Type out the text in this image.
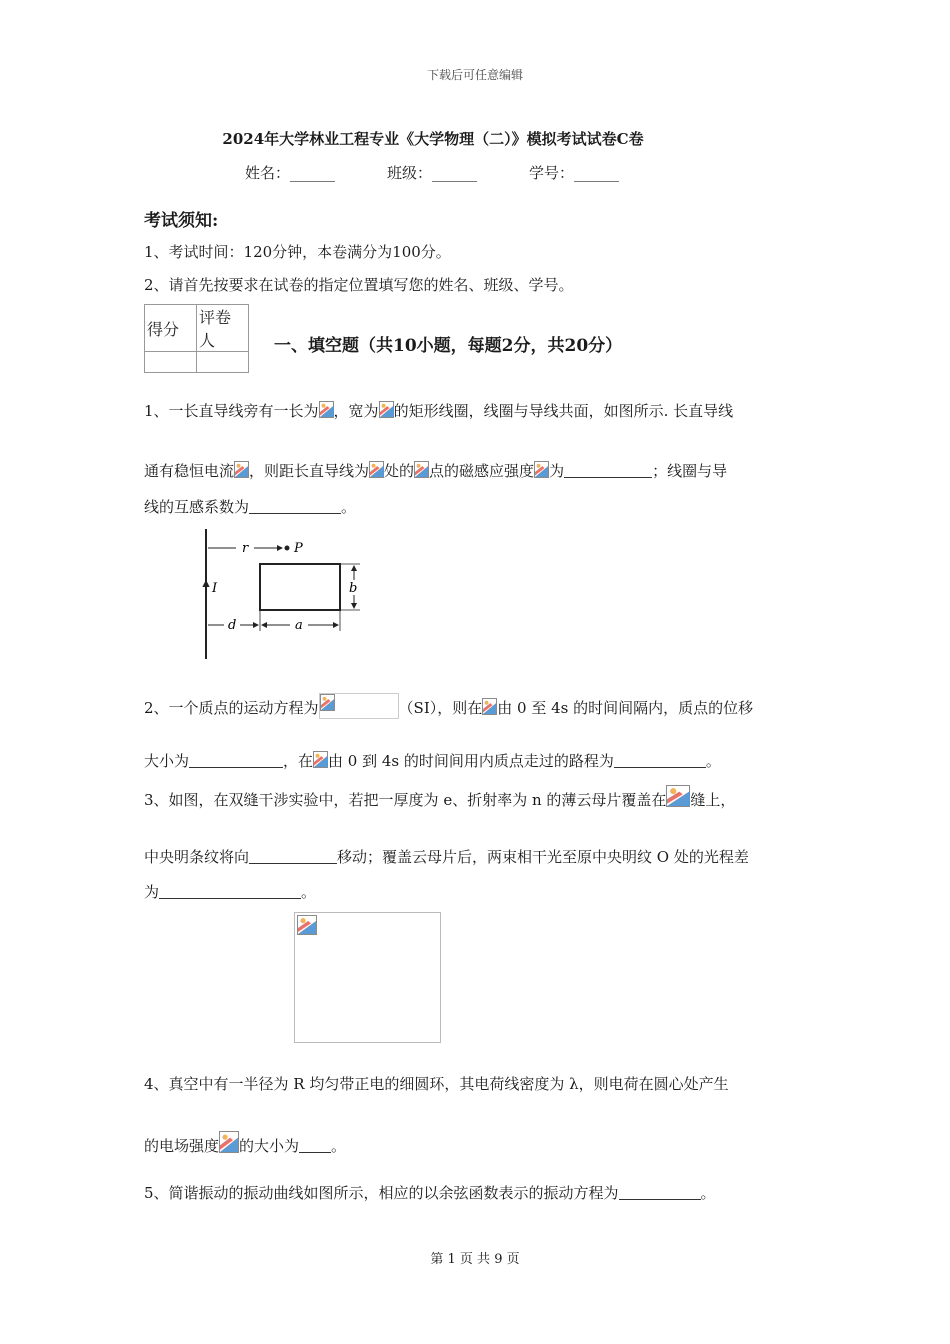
下载后可任意编辑
2024年大学林业工程专业《大学物理（二）》模拟考试试卷C卷
姓名：______	班级：______	学号：______
考试须知:
1、考试时间：120分钟，本卷满分为100分。
2、请首先按要求在试卷的指定位置填写您的姓名、班级、学号。
得分	评卷人
		一、填空题（共10小题，每题2分，共20分）
1、一长直导线旁有一长为 ，宽为 的矩形线圈，线圈与导线共面，如图所示. 长直导线
通有稳恒电流 ，则距长直导线为 处的 点的磁感应强度 为	；线圈与导
线的互感系数为	。
I
r	P
b
d	a
2、一个质点的运动方程为	（SI），则在 由 0 至 4s 的时间间隔内，质点的位移
大小为	，在 由 0 到 4s 的时间间用内质点走过的路程为	。
3、如图，在双缝干涉实验中，若把一厚度为 e、折射率为 n 的薄云母片覆盖在 缝上，
中央明条纹将向	移动；覆盖云母片后，两束相干光至原中央明纹 O 处的光程差
为	。
4、真空中有一半径为 R 均匀带正电的细圆环，其电荷线密度为 λ，则电荷在圆心处产生
的电场强度 的大小为 。
5、简谐振动的振动曲线如图所示，相应的以余弦函数表示的振动方程为	。
第 1 页 共 9 页
